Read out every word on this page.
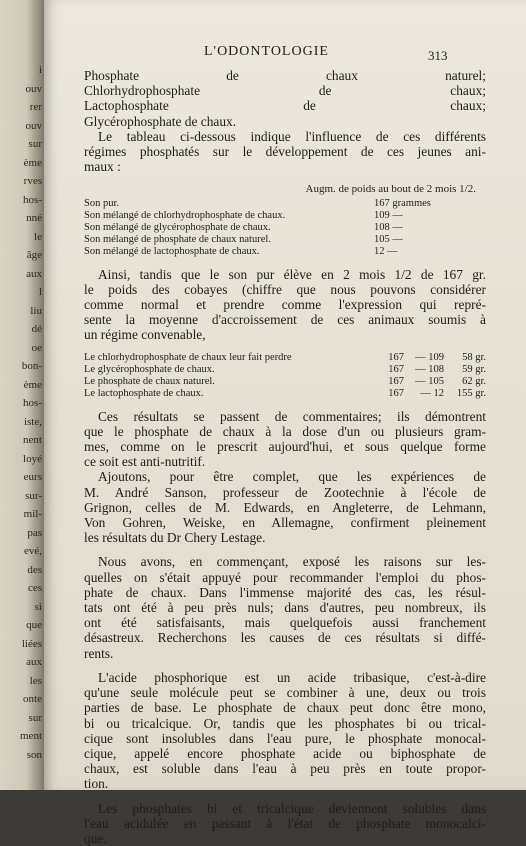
i
ouv
rer
ouv
sur
ème
rves
hos-
nné
le
âge
aux
l
liu
dé
oe
bon-
ème
hos-
iste,
nent
loyé
eurs
sur-
mil-
pas
evé,
des
ces
si
que
liées
aux
les
onte
sur
ment
son
L'ODONTOLOGIE	313
Phosphate de chaux naturel;
Chlorhydrophosphate de chaux;
Lactophosphate de chaux;
Glycérophosphate de chaux.
Le tableau ci-dessous indique l'influence de ces différents
régimes phosphatés sur le développement de ces jeunes ani-
maux :
Augm. de poids au bout de 2 mois 1/2.
Son pur.	167 grammes
Son mélangé de chlorhydrophosphate de chaux.	109 —
Son mélangé de glycérophosphate de chaux.	108 —
Son mélangé de phosphate de chaux naturel.	105 —
Son mélangé de lactophosphate de chaux.	12 —
Ainsi, tandis que le son pur élève en 2 mois 1/2 de 167 gr.
le poids des cobayes (chiffre que nous pouvons considérer
comme normal et prendre comme l'expression qui repré-
sente la moyenne d'accroissement de ces animaux soumis à
un régime convenable,
Le chlorhydrophosphate de chaux leur fait perdre	167	— 109	58 gr.
Le glycérophosphate de chaux.	167	— 108	59 gr.
Le phosphate de chaux naturel.	167	— 105	62 gr.
Le lactophosphate de chaux.	167	— 12	155 gr.
Ces résultats se passent de commentaires; ils démontrent
que le phosphate de chaux à la dose d'un ou plusieurs gram-
mes, comme on le prescrit aujourd'hui, et sous quelque forme
ce soit est anti-nutritif.
Ajoutons, pour être complet, que les expériences de
M. André Sanson, professeur de Zootechnie à l'école de
Grignon, celles de M. Edwards, en Angleterre, de Lehmann,
Von Gohren, Weiske, en Allemagne, confirment pleinement
les résultats du Dr Chery Lestage.
Nous avons, en commençant, exposé les raisons sur les-
quelles on s'était appuyé pour recommander l'emploi du phos-
phate de chaux. Dans l'immense majorité des cas, les résul-
tats ont été à peu près nuls; dans d'autres, peu nombreux, ils
ont été satisfaisants, mais quelquefois aussi franchement
désastreux. Recherchons les causes de ces résultats si diffé-
rents.
L'acide phosphorique est un acide tribasique, c'est-à-dire
qu'une seule molécule peut se combiner à une, deux ou trois
parties de base. Le phosphate de chaux peut donc être mono,
bi ou tricalcique. Or, tandis que les phosphates bi ou trical-
cique sont insolubles dans l'eau pure, le phosphate monocal-
cique, appelé encore phosphate acide ou biphosphate de
chaux, est soluble dans l'eau à peu près en toute propor-
tion.
Les phosphates bi et tricalcique deviennent solubles dans
l'eau acidulée en passant à l'état de phosphate monocalci-
que.
